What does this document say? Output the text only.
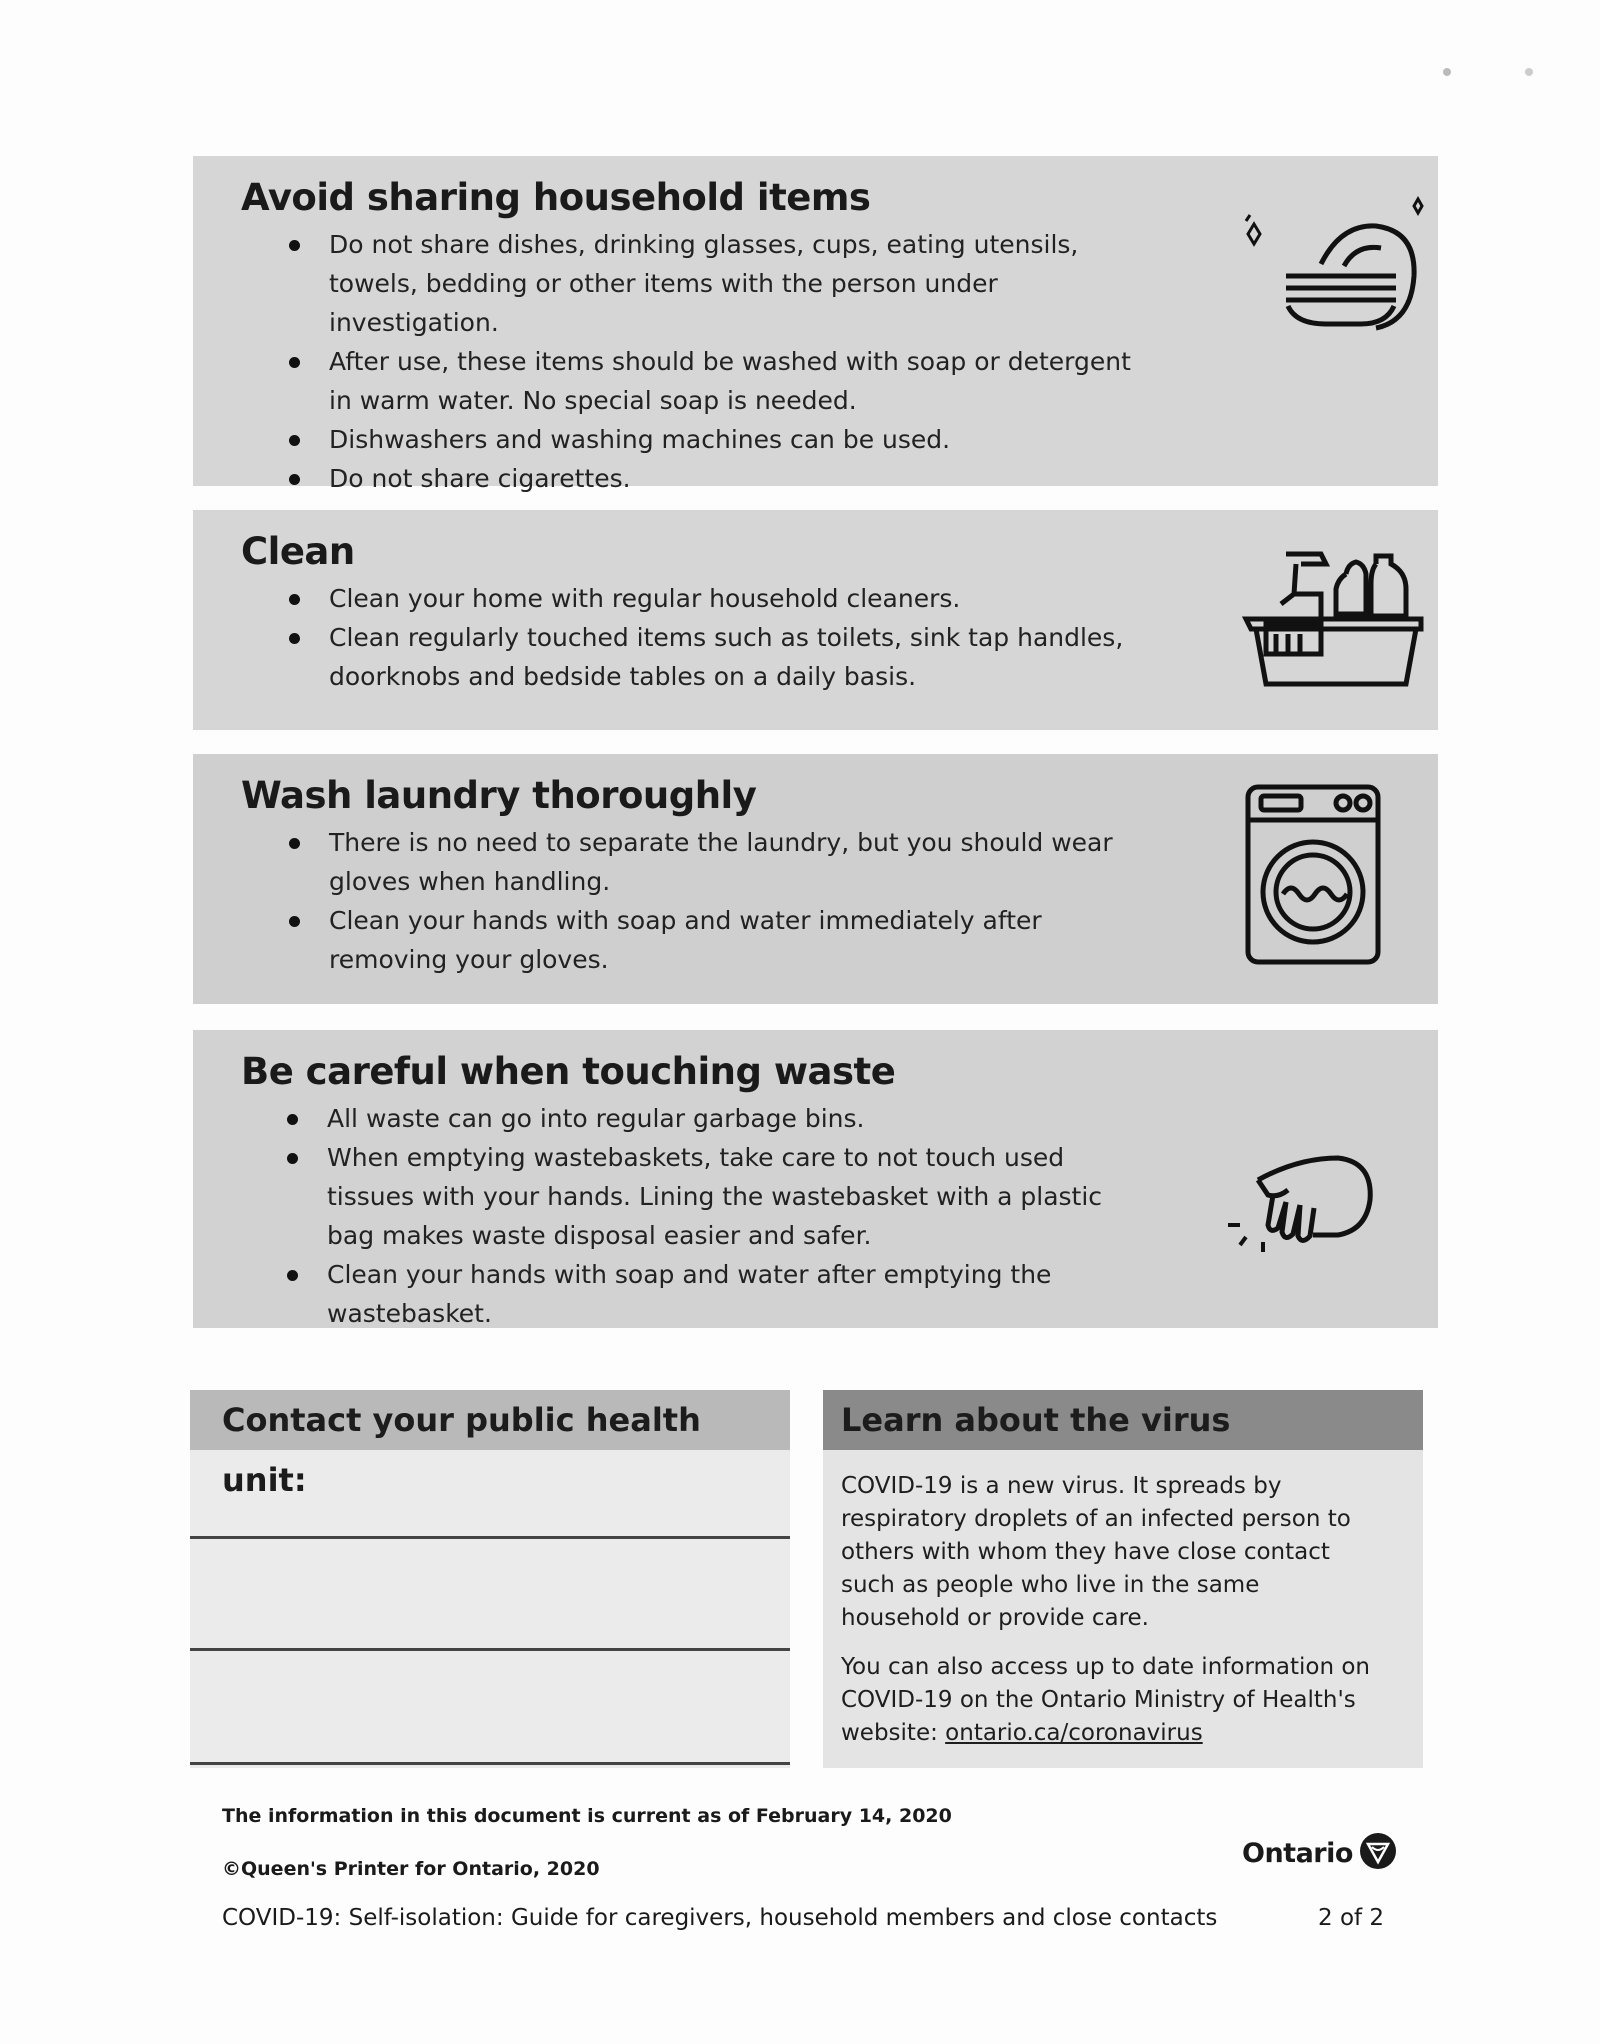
Avoid sharing household items
Do not share dishes, drinking glasses, cups, eating utensils, towels, bedding or other items with the person under investigation.
After use, these items should be washed with soap or detergent in warm water. No special soap is needed.
Dishwashers and washing machines can be used.
Do not share cigarettes.
Clean
Clean your home with regular household cleaners.
Clean regularly touched items such as toilets, sink tap handles, doorknobs and bedside tables on a daily basis.
Wash laundry thoroughly
There is no need to separate the laundry, but you should wear gloves when handling.
Clean your hands with soap and water immediately after removing your gloves.
Be careful when touching waste
All waste can go into regular garbage bins.
When emptying wastebaskets, take care to not touch used tissues with your hands. Lining the wastebasket with a plastic bag makes waste disposal easier and safer.
Clean your hands with soap and water after emptying the wastebasket.
Contact your public health unit:
Learn about the virus

COVID-19 is a new virus. It spreads by respiratory droplets of an infected person to others with whom they have close contact such as people who live in the same household or provide care.

You can also access up to date information on COVID-19 on the Ontario Ministry of Health's website: ontario.ca/coronavirus

The information in this document is current as of February 14, 2020
©Queen's Printer for Ontario, 2020
COVID-19: Self-isolation: Guide for caregivers, household members and close contacts	2 of 2
Ontario
